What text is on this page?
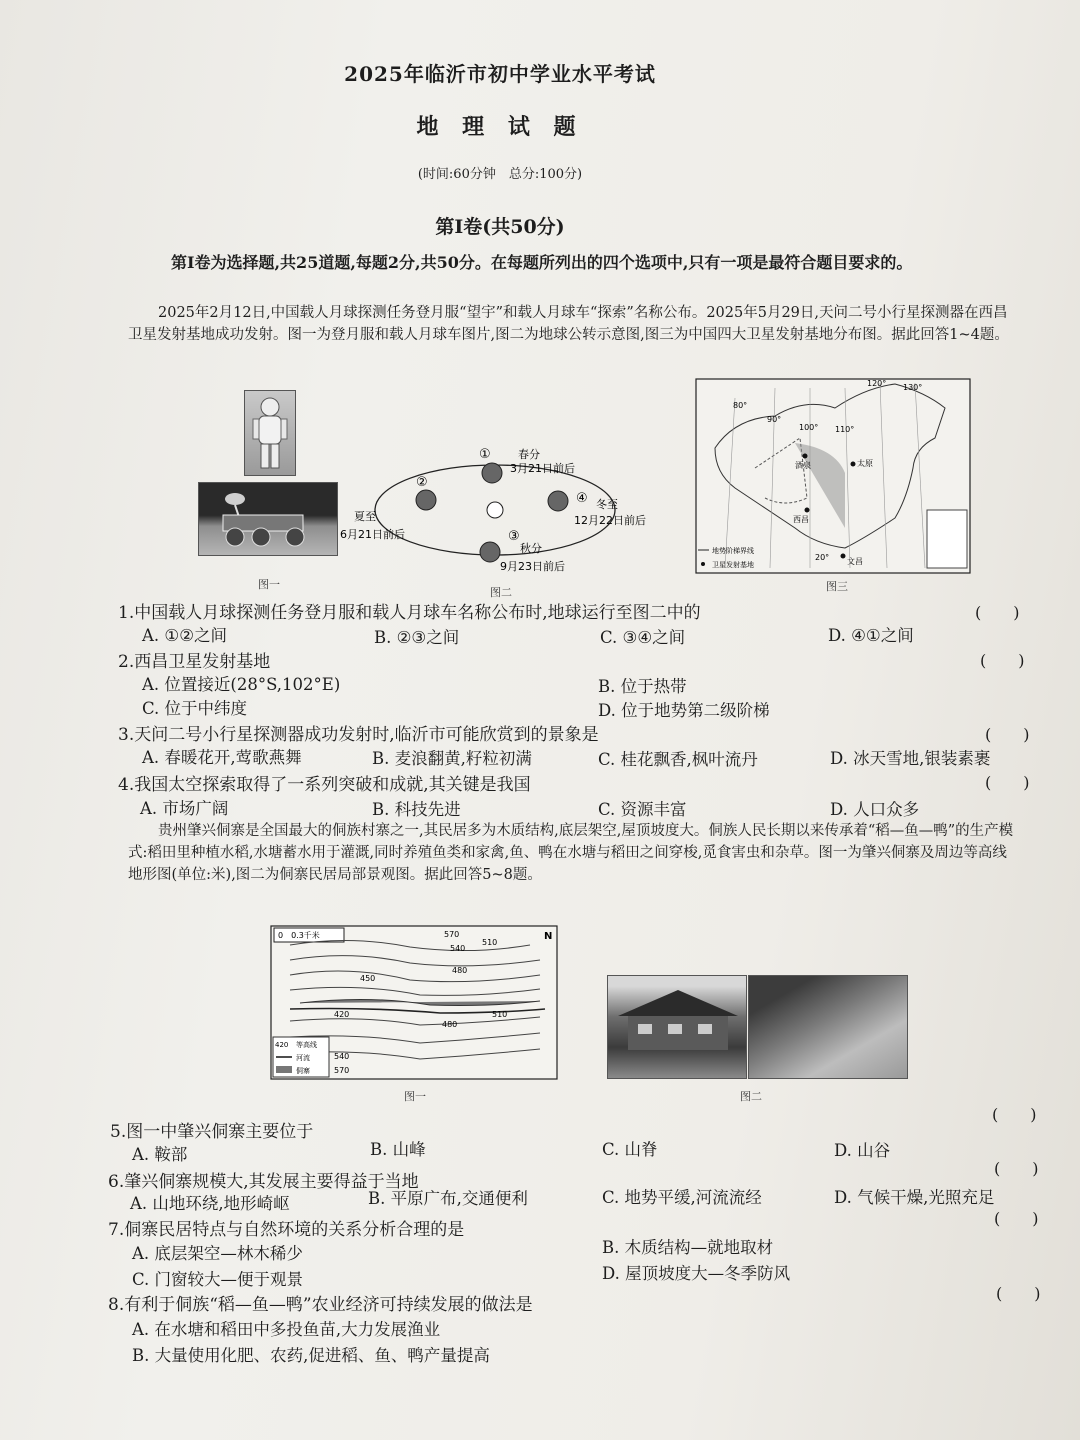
2025年临沂市初中学业水平考试
地 理 试 题
(时间:60分钟　总分:100分)
第Ⅰ卷(共50分)
第Ⅰ卷为选择题,共25道题,每题2分,共50分。在每题所列出的四个选项中,只有一项是最符合题目要求的。
2025年2月12日,中国载人月球探测任务登月服“望宇”和载人月球车“探索”名称公布。2025年5月29日,天问二号小行星探测器在西昌卫星发射基地成功发射。图一为登月服和载人月球车图片,图二为地球公转示意图,图三为中国四大卫星发射基地分布图。据此回答1~4题。
图一
①
②
③
④
春分
3月21日前后
夏至
6月21日前后
冬至
12月22日前后
秋分
9月23日前后
图二
80°
90°
100° 110°
120° 130°
20°
酒泉	太原
西昌
文昌
地势阶梯界线
卫星发射基地
图三
1.中国载人月球探测任务登月服和载人月球车名称公布时,地球运行至图二中的	(　　)
A. ①②之间	B. ②③之间	C. ③④之间	D. ④①之间
2.西昌卫星发射基地	(　　)
A. 位置接近(28°S,102°E)	B. 位于热带
C. 位于中纬度	D. 位于地势第二级阶梯
3.天问二号小行星探测器成功发射时,临沂市可能欣赏到的景象是	(　　)
A. 春暖花开,莺歌燕舞	B. 麦浪翻黄,籽粒初满	C. 桂花飘香,枫叶流丹	D. 冰天雪地,银装素裹
4.我国太空探索取得了一系列突破和成就,其关键是我国	(　　)
A. 市场广阔	B. 科技先进	C. 资源丰富	D. 人口众多
贵州肇兴侗寨是全国最大的侗族村寨之一,其民居多为木质结构,底层架空,屋顶坡度大。侗族人民长期以来传承着“稻—鱼—鸭”的生产模式:稻田里种植水稻,水塘蓄水用于灌溉,同时养殖鱼类和家禽,鱼、鸭在水塘与稻田之间穿梭,觅食害虫和杂草。图一为肇兴侗寨及周边等高线地形图(单位:米),图二为侗寨民居局部景观图。据此回答5~8题。
0　0.3千米	N
570
540
510
480
450
420
480
510
540
570
420 等高线
河流
侗寨
图一	图二
5.图一中肇兴侗寨主要位于
(　　)
A. 鞍部	B. 山峰	C. 山脊	D. 山谷
6.肇兴侗寨规模大,其发展主要得益于当地
(　　)
A. 山地环绕,地形崎岖	B. 平原广布,交通便利	C. 地势平缓,河流流经	D. 气候干燥,光照充足
7.侗寨民居特点与自然环境的关系分析合理的是
(　　)
A. 底层架空—林木稀少	B. 木质结构—就地取材
C. 门窗较大—便于观景	D. 屋顶坡度大—冬季防风
8.有利于侗族“稻—鱼—鸭”农业经济可持续发展的做法是
(　　)
A. 在水塘和稻田中多投鱼苗,大力发展渔业
B. 大量使用化肥、农药,促进稻、鱼、鸭产量提高
